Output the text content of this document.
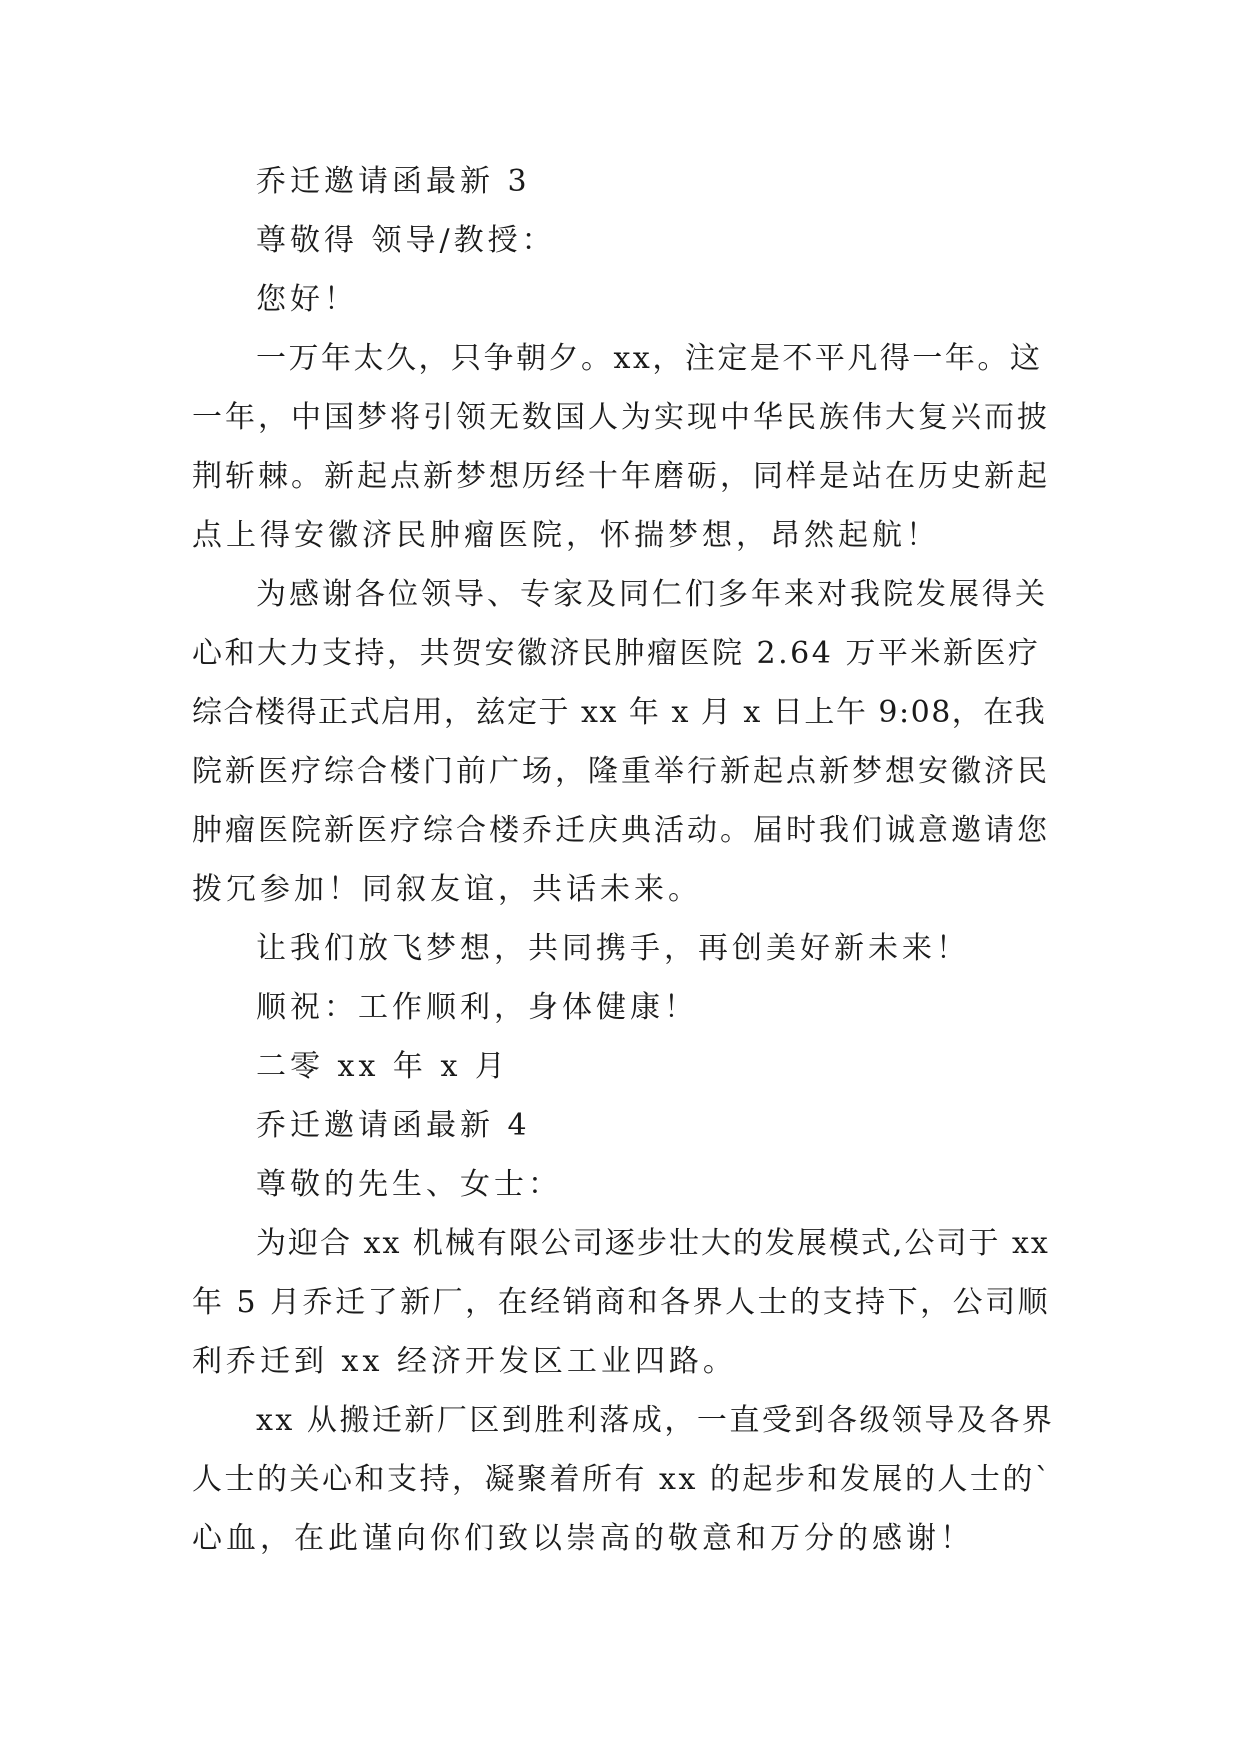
乔迁邀请函最新 3
尊敬得 领导/教授：
您好！
一万年太久，只争朝夕。xx，注定是不平凡得一年。这
一年，中国梦将引领无数国人为实现中华民族伟大复兴而披
荆斩棘。新起点新梦想历经十年磨砺，同样是站在历史新起
点上得安徽济民肿瘤医院，怀揣梦想，昂然起航！
为感谢各位领导、专家及同仁们多年来对我院发展得关
心和大力支持，共贺安徽济民肿瘤医院 2.64 万平米新医疗
综合楼得正式启用，兹定于 xx 年 x 月 x 日上午 9:08，在我
院新医疗综合楼门前广场，隆重举行新起点新梦想安徽济民
肿瘤医院新医疗综合楼乔迁庆典活动。届时我们诚意邀请您
拨冗参加！同叙友谊，共话未来。
让我们放飞梦想，共同携手，再创美好新未来！
顺祝：工作顺利，身体健康！
二零 xx 年 x 月
乔迁邀请函最新 4
尊敬的先生、女士：
为迎合 xx 机械有限公司逐步壮大的发展模式,公司于 xx
年 5 月乔迁了新厂，在经销商和各界人士的支持下，公司顺
利乔迁到 xx 经济开发区工业四路。
xx 从搬迁新厂区到胜利落成，一直受到各级领导及各界
人士的关心和支持，凝聚着所有 xx 的起步和发展的人士的`
心血，在此谨向你们致以崇高的敬意和万分的感谢！
